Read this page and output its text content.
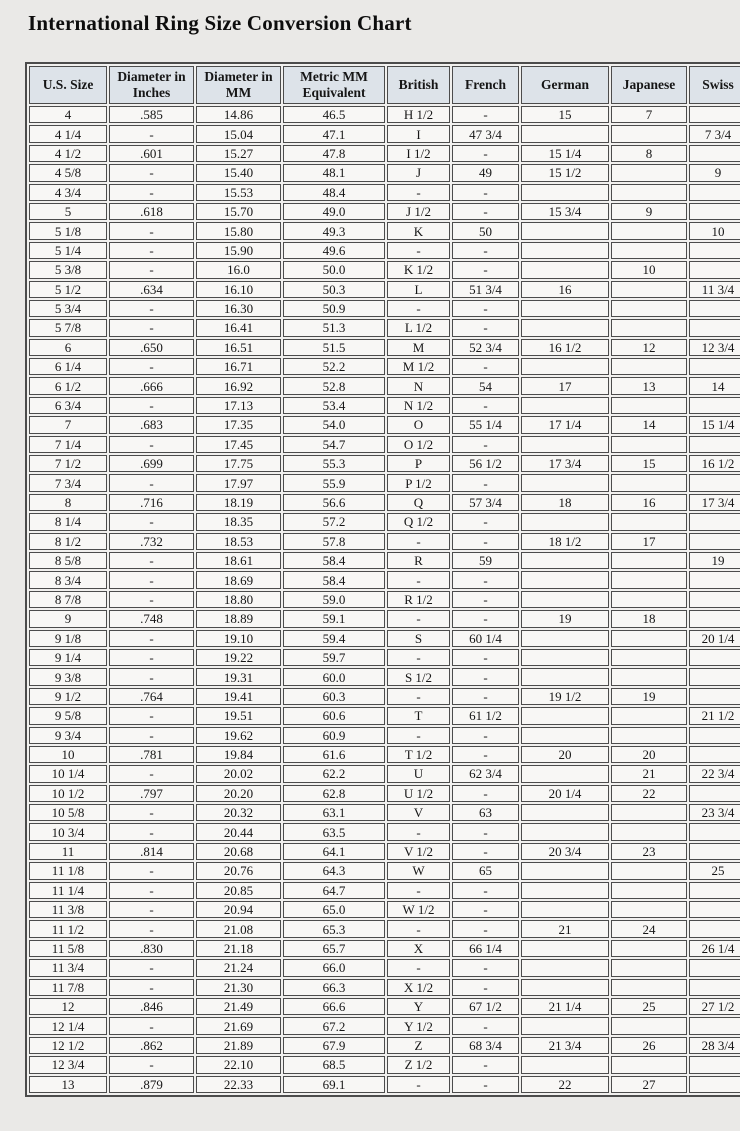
International Ring Size Conversion Chart
U.S. Size	Diameter in Inches	Diameter in MM	Metric MM Equivalent	British	French	German	Japanese	Swiss
4	.585	14.86	46.5	H 1/2	-	15	7	
4 1/4	-	15.04	47.1	I	47 3/4			7 3/4
4 1/2	.601	15.27	47.8	I 1/2	-	15 1/4	8	
4 5/8	-	15.40	48.1	J	49	15 1/2		9
4 3/4	-	15.53	48.4	-	-			
5	.618	15.70	49.0	J 1/2	-	15 3/4	9	
5 1/8	-	15.80	49.3	K	50			10
5 1/4	-	15.90	49.6	-	-			
5 3/8	-	16.0	50.0	K 1/2	-		10	
5 1/2	.634	16.10	50.3	L	51 3/4	16		11 3/4
5 3/4	-	16.30	50.9	-	-			
5 7/8	-	16.41	51.3	L 1/2	-			
6	.650	16.51	51.5	M	52 3/4	16 1/2	12	12 3/4
6 1/4	-	16.71	52.2	M 1/2	-			
6 1/2	.666	16.92	52.8	N	54	17	13	14
6 3/4	-	17.13	53.4	N 1/2	-			
7	.683	17.35	54.0	O	55 1/4	17 1/4	14	15 1/4
7 1/4	-	17.45	54.7	O 1/2	-			
7 1/2	.699	17.75	55.3	P	56 1/2	17 3/4	15	16 1/2
7 3/4	-	17.97	55.9	P 1/2	-			
8	.716	18.19	56.6	Q	57 3/4	18	16	17 3/4
8 1/4	-	18.35	57.2	Q 1/2	-			
8 1/2	.732	18.53	57.8	-	-	18 1/2	17	
8 5/8	-	18.61	58.4	R	59			19
8 3/4	-	18.69	58.4	-	-			
8 7/8	-	18.80	59.0	R 1/2	-			
9	.748	18.89	59.1	-	-	19	18	
9 1/8	-	19.10	59.4	S	60 1/4			20 1/4
9 1/4	-	19.22	59.7	-	-			
9 3/8	-	19.31	60.0	S 1/2	-			
9 1/2	.764	19.41	60.3	-	-	19 1/2	19	
9 5/8	-	19.51	60.6	T	61 1/2			21 1/2
9 3/4	-	19.62	60.9	-	-			
10	.781	19.84	61.6	T 1/2	-	20	20	
10 1/4	-	20.02	62.2	U	62 3/4		21	22 3/4
10 1/2	.797	20.20	62.8	U 1/2	-	20 1/4	22	
10 5/8	-	20.32	63.1	V	63			23 3/4
10 3/4	-	20.44	63.5	-	-			
11	.814	20.68	64.1	V 1/2	-	20 3/4	23	
11 1/8	-	20.76	64.3	W	65			25
11 1/4	-	20.85	64.7	-	-			
11 3/8	-	20.94	65.0	W 1/2	-			
11 1/2	-	21.08	65.3	-	-	21	24	
11 5/8	.830	21.18	65.7	X	66 1/4			26 1/4
11 3/4	-	21.24	66.0	-	-			
11 7/8	-	21.30	66.3	X 1/2	-			
12	.846	21.49	66.6	Y	67 1/2	21 1/4	25	27 1/2
12 1/4	-	21.69	67.2	Y 1/2	-			
12 1/2	.862	21.89	67.9	Z	68 3/4	21 3/4	26	28 3/4
12 3/4	-	22.10	68.5	Z 1/2	-			
13	.879	22.33	69.1	-	-	22	27	
